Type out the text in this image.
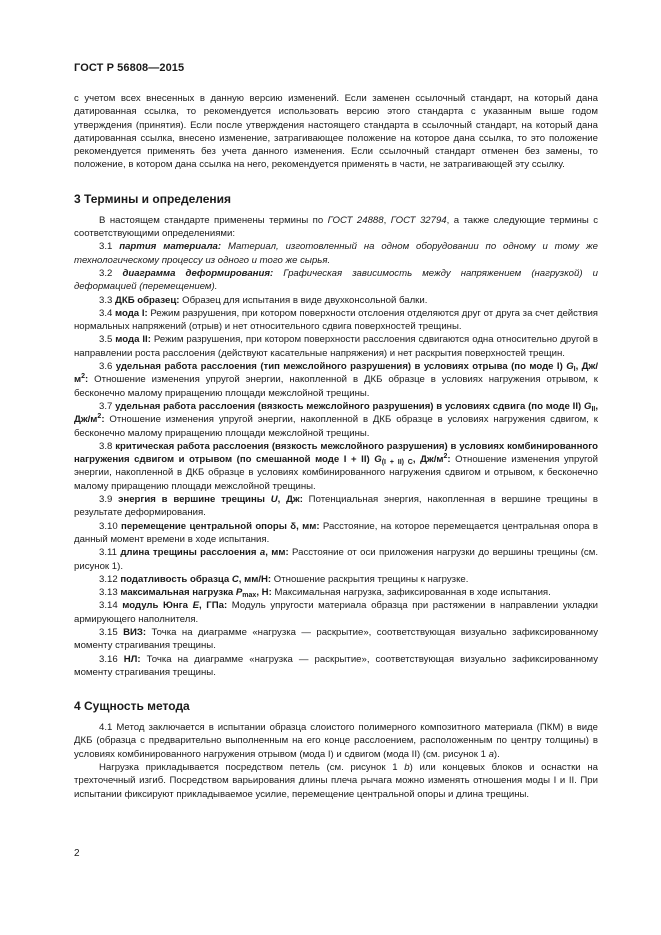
ГОСТ Р 56808—2015

с учетом всех внесенных в данную версию изменений. Если заменен ссылочный стандарт, на который дана датированная ссылка, то рекомендуется использовать версию этого стандарта с указанным выше годом утверждения (принятия). Если после утверждения настоящего стандарта в ссылочный стандарт, на который дана датированная ссылка, внесено изменение, затрагивающее положение на которое дана ссылка, то это положение рекомендуется применять без учета данного изменения. Если ссылочный стандарт отменен без замены, то положение, в котором дана ссылка на него, рекомендуется применять в части, не затрагивающей эту ссылку.

3 Термины и определения

В настоящем стандарте применены термины по ГОСТ 24888, ГОСТ 32794, а также следующие термины с соответствующими определениями:

3.1 партия материала: Материал, изготовленный на одном оборудовании по одному и тому же технологическому процессу из одного и того же сырья.

3.2 диаграмма деформирования: Графическая зависимость между напряжением (нагрузкой) и деформацией (перемещением).

3.3 ДКБ образец: Образец для испытания в виде двухконсольной балки.

3.4 мода I: Режим разрушения, при котором поверхности отслоения отделяются друг от друга за счет действия нормальных напряжений (отрыв) и нет относительного сдвига поверхностей трещины.

3.5 мода II: Режим разрушения, при котором поверхности расслоения сдвигаются одна относительно другой в направлении роста расслоения (действуют касательные напряжения) и нет раскрытия поверхностей трещин.

3.6 удельная работа расслоения (тип межслойного разрушения) в условиях отрыва (по моде I) $G_I$, $Дж/м^2$: Отношение изменения упругой энергии, накопленной в ДКБ образце в условиях нагружения отрывом, к бесконечно малому приращению площади межслойной трещины.

3.7 удельная работа расслоения (вязкость межслойного разрушения) в условиях сдвига (по моде II) $G_{II}$, $Дж/м^2$: Отношение изменения упругой энергии, накопленной в ДКБ образце в условиях нагружения сдвигом, к бесконечно малому приращению площади межслойной трещины.

3.8 критическая работа расслоения (вязкость межслойного разрушения) в условиях комбинированного нагружения сдвигом и отрывом (по смешанной моде I + II) $G_{(I + II) C}$, $Дж/м^2$: Отношение изменения упругой энергии, накопленной в ДКБ образце в условиях комбинированного нагружения сдвигом и отрывом, к бесконечно малому приращению площади межслойной трещины.

3.9 энергия в вершине трещины U, Дж: Потенциальная энергия, накопленная в вершине трещины в результате деформирования.

3.10 перемещение центральной опоры δ, мм: Расстояние, на которое перемещается центральная опора в данный момент времени в ходе испытания.

3.11 длина трещины расслоения a, мм: Расстояние от оси приложения нагрузки до вершины трещины (см. рисунок 1).

3.12 податливость образца C, мм/Н: Отношение раскрытия трещины к нагрузке.

3.13 максимальная нагрузка $P_{max}$, Н: Максимальная нагрузка, зафиксированная в ходе испытания.

3.14 модуль Юнга E, ГПа: Модуль упругости материала образца при растяжении в направлении укладки армирующего наполнителя.

3.15 ВИЗ: Точка на диаграмме «нагрузка — раскрытие», соответствующая визуально зафиксированному моменту страгивания трещины.

3.16 НЛ: Точка на диаграмме «нагрузка — раскрытие», соответствующая визуально зафиксированному моменту страгивания трещины.

4 Сущность метода

4.1 Метод заключается в испытании образца слоистого полимерного композитного материала (ПКМ) в виде ДКБ (образца с предварительно выполненным на его конце расслоением, расположенным по центру толщины) в условиях комбинированного нагружения отрывом (мода I) и сдвигом (мода II) (см. рисунок 1 а).

Нагрузка прикладывается посредством петель (см. рисунок 1 b) или концевых блоков и оснастки на трехточечный изгиб. Посредством варьирования длины плеча рычага можно изменять отношения моды I и II. При испытании фиксируют прикладываемое усилие, перемещение центральной опоры и длина трещины.

2
